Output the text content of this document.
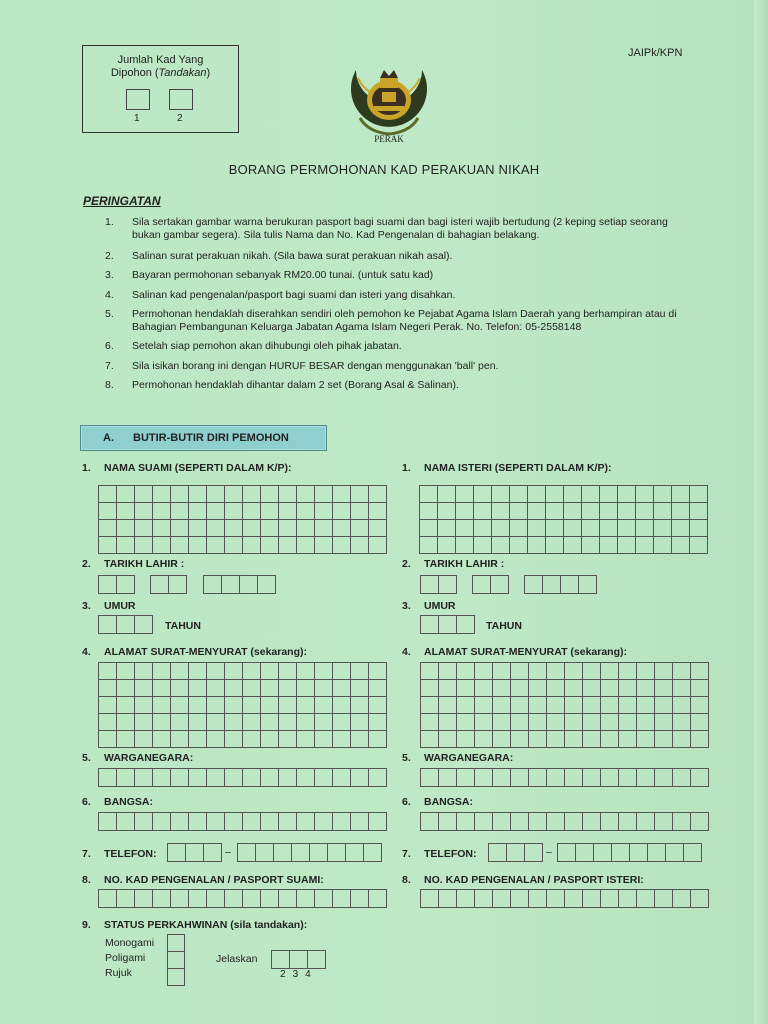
Jumlah Kad Yang
Dipohon (Tandakan)
1	2
JAIPk/KPN
PERAK
BORANG PERMOHONAN KAD PERAKUAN NIKAH
PERINGATAN
1.	Sila sertakan gambar warna berukuran pasport bagi suami dan bagi isteri wajib bertudung (2 keping setiap seorang bukan gambar segera). Sila tulis Nama dan No. Kad Pengenalan di bahagian belakang.
2.	Salinan surat perakuan nikah. (Sila bawa surat perakuan nikah asal).
3.	Bayaran permohonan sebanyak RM20.00 tunai. (untuk satu kad)
4.	Salinan kad pengenalan/pasport bagi suami dan isteri yang disahkan.
5.	Permohonan hendaklah diserahkan sendiri oleh pemohon ke Pejabat Agama Islam Daerah yang berhampiran atau di Bahagian Pembangunan Keluarga Jabatan Agama Islam Negeri Perak. No. Telefon: 05-2558148
6.	Setelah siap pemohon akan dihubungi oleh pihak jabatan.
7.	Sila isikan borang ini dengan HURUF BESAR dengan menggunakan 'ball' pen.
8.	Permohonan hendaklah dihantar dalam 2 set (Borang Asal & Salinan).
A. BUTIR-BUTIR DIRI PEMOHON
1. NAMA SUAMI (SEPERTI DALAM K/P):

2. TARIKH LAHIR :

3. UMUR

TAHUN
4. ALAMAT SURAT-MENYURAT (sekarang):

5. WARGANEGARA:

6. BANGSA:

7. TELEFON:
			–

8. NO. KAD PENGENALAN / PASPORT SUAMI:

1. NAMA ISTERI (SEPERTI DALAM K/P):

2. TARIKH LAHIR :

3. UMUR

TAHUN
4. ALAMAT SURAT-MENYURAT (sekarang):

5. WARGANEGARA:

6. BANGSA:

7. TELEFON:
			–

8. NO. KAD PENGENALAN / PASPORT ISTERI:

9. STATUS PERKAHWINAN (sila tandakan):
Monogami
Poligami
Rujuk

Jelaskan

234
